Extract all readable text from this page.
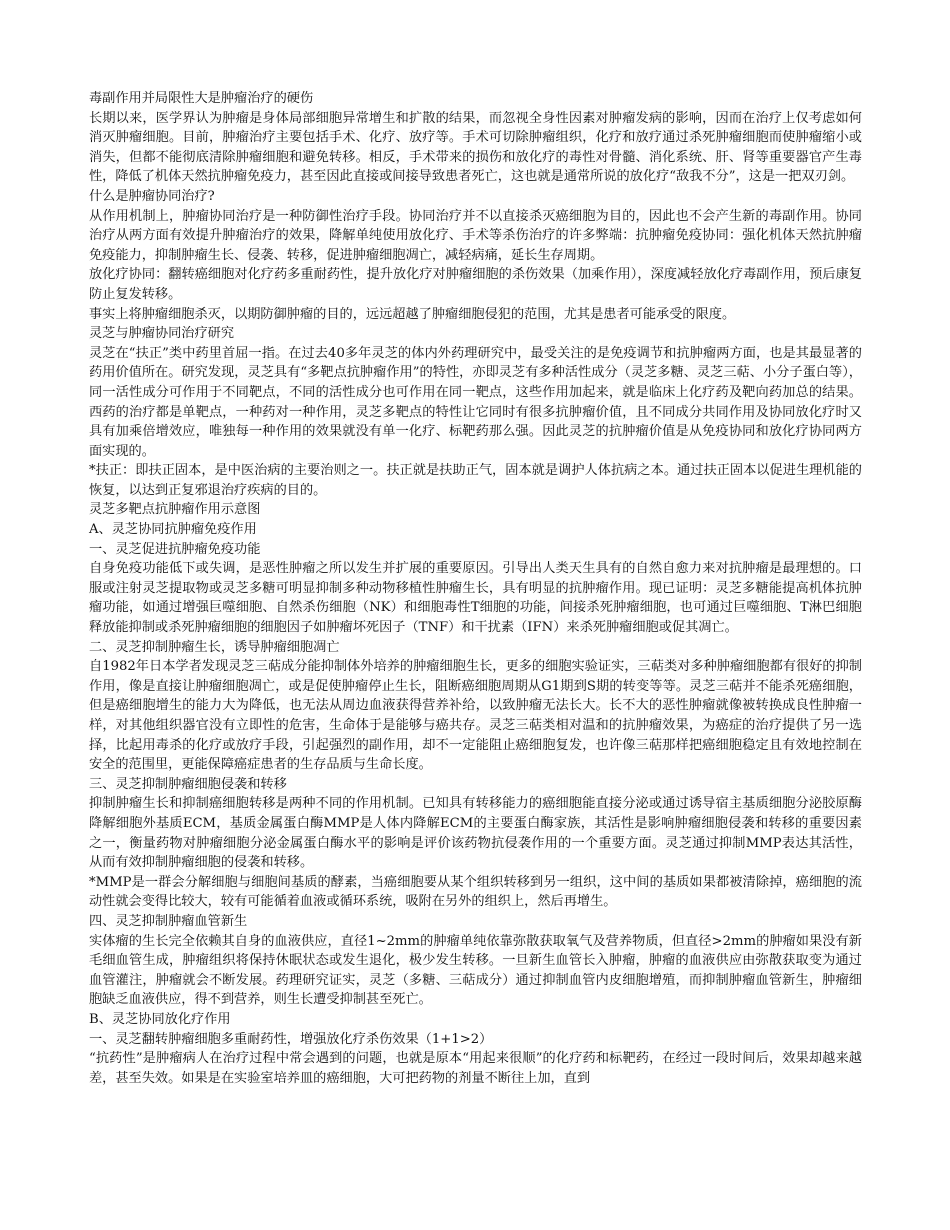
毒副作用并局限性大是肿瘤治疗的硬伤
长期以来，医学界认为肿瘤是身体局部细胞异常增生和扩散的结果，而忽视全身性因素对肿瘤发病的影响，因而在治疗上仅考虑如何消灭肿瘤细胞。目前，肿瘤治疗主要包括手术、化疗、放疗等。手术可切除肿瘤组织，化疗和放疗通过杀死肿瘤细胞而使肿瘤缩小或消失，但都不能彻底清除肿瘤细胞和避免转移。相反，手术带来的损伤和放化疗的毒性对骨髓、消化系统、肝、肾等重要器官产生毒性，降低了机体天然抗肿瘤免疫力，甚至因此直接或间接导致患者死亡，这也就是通常所说的放化疗“敌我不分”，这是一把双刃剑。
什么是肿瘤协同治疗?
从作用机制上，肿瘤协同治疗是一种防御性治疗手段。协同治疗并不以直接杀灭癌细胞为目的，因此也不会产生新的毒副作用。协同治疗从两方面有效提升肿瘤治疗的效果，降解单纯使用放化疗、手术等杀伤治疗的许多弊端：抗肿瘤免疫协同：强化机体天然抗肿瘤免疫能力，抑制肿瘤生长、侵袭、转移，促进肿瘤细胞凋亡，减轻病痛，延长生存周期。
放化疗协同：翻转癌细胞对化疗药多重耐药性，提升放化疗对肿瘤细胞的杀伤效果（加乘作用），深度减轻放化疗毒副作用，预后康复防止复发转移。
事实上将肿瘤细胞杀灭，以期防御肿瘤的目的，远远超越了肿瘤细胞侵犯的范围，尤其是患者可能承受的限度。
灵芝与肿瘤协同治疗研究
灵芝在“扶正”类中药里首屈一指。在过去40多年灵芝的体内外药理研究中，最受关注的是免疫调节和抗肿瘤两方面，也是其最显著的药用价值所在。研究发现，灵芝具有“多靶点抗肿瘤作用”的特性，亦即灵芝有多种活性成分（灵芝多糖、灵芝三萜、小分子蛋白等），同一活性成分可作用于不同靶点，不同的活性成分也可作用在同一靶点，这些作用加起来，就是临床上化疗药及靶向药加总的结果。西药的治疗都是单靶点，一种药对一种作用，灵芝多靶点的特性让它同时有很多抗肿瘤价值，且不同成分共同作用及协同放化疗时又具有加乘倍增效应，唯独每一种作用的效果就没有单一化疗、标靶药那么强。因此灵芝的抗肿瘤价值是从免疫协同和放化疗协同两方面实现的。
*扶正：即扶正固本，是中医治病的主要治则之一。扶正就是扶助正气，固本就是调护人体抗病之本。通过扶正固本以促进生理机能的恢复，以达到正复邪退治疗疾病的目的。
灵芝多靶点抗肿瘤作用示意图
A、灵芝协同抗肿瘤免疫作用
一、灵芝促进抗肿瘤免疫功能
自身免疫功能低下或失调，是恶性肿瘤之所以发生并扩展的重要原因。引导出人类天生具有的自然自愈力来对抗肿瘤是最理想的。口服或注射灵芝提取物或灵芝多糖可明显抑制多种动物移植性肿瘤生长，具有明显的抗肿瘤作用。现已证明：灵芝多糖能提高机体抗肿瘤功能，如通过增强巨噬细胞、自然杀伤细胞（NK）和细胞毒性T细胞的功能，间接杀死肿瘤细胞，也可通过巨噬细胞、T淋巴细胞释放能抑制或杀死肿瘤细胞的细胞因子如肿瘤坏死因子（TNF）和干扰素（IFN）来杀死肿瘤细胞或促其凋亡。
二、灵芝抑制肿瘤生长，诱导肿瘤细胞凋亡
自1982年日本学者发现灵芝三萜成分能抑制体外培养的肿瘤细胞生长，更多的细胞实验证实，三萜类对多种肿瘤细胞都有很好的抑制作用，像是直接让肿瘤细胞凋亡，或是促使肿瘤停止生长，阻断癌细胞周期从G1期到S期的转变等等。灵芝三萜并不能杀死癌细胞，但是癌细胞增生的能力大为降低，也无法从周边血液获得营养补给，以致肿瘤无法长大。长不大的恶性肿瘤就像被转换成良性肿瘤一样，对其他组织器官没有立即性的危害，生命体于是能够与癌共存。灵芝三萜类相对温和的抗肿瘤效果，为癌症的治疗提供了另一选择，比起用毒杀的化疗或放疗手段，引起强烈的副作用，却不一定能阻止癌细胞复发，也许像三萜那样把癌细胞稳定且有效地控制在安全的范围里，更能保障癌症患者的生存品质与生命长度。
三、灵芝抑制肿瘤细胞侵袭和转移
抑制肿瘤生长和抑制癌细胞转移是两种不同的作用机制。已知具有转移能力的癌细胞能直接分泌或通过诱导宿主基质细胞分泌胶原酶降解细胞外基质ECM，基质金属蛋白酶MMP是人体内降解ECM的主要蛋白酶家族，其活性是影响肿瘤细胞侵袭和转移的重要因素之一，衡量药物对肿瘤细胞分泌金属蛋白酶水平的影响是评价该药物抗侵袭作用的一个重要方面。灵芝通过抑制MMP表达其活性，从而有效抑制肿瘤细胞的侵袭和转移。
*MMP是一群会分解细胞与细胞间基质的酵素，当癌细胞要从某个组织转移到另一组织，这中间的基质如果都被清除掉，癌细胞的流动性就会变得比较大，较有可能循着血液或循环系统，吸附在另外的组织上，然后再增生。
四、灵芝抑制肿瘤血管新生
实体瘤的生长完全依赖其自身的血液供应，直径1~2mm的肿瘤单纯依靠弥散获取氧气及营养物质，但直径>2mm的肿瘤如果没有新毛细血管生成，肿瘤组织将保持休眠状态或发生退化，极少发生转移。一旦新生血管长入肿瘤，肿瘤的血液供应由弥散获取变为通过血管灌注，肿瘤就会不断发展。药理研究证实，灵芝（多糖、三萜成分）通过抑制血管内皮细胞增殖，而抑制肿瘤血管新生，肿瘤细胞缺乏血液供应，得不到营养，则生长遭受抑制甚至死亡。
B、灵芝协同放化疗作用
一、灵芝翻转肿瘤细胞多重耐药性，增强放化疗杀伤效果（1+1>2）
“抗药性”是肿瘤病人在治疗过程中常会遇到的问题，也就是原本“用起来很顺”的化疗药和标靶药，在经过一段时间后，效果却越来越差，甚至失效。如果是在实验室培养皿的癌细胞，大可把药物的剂量不断往上加，直到
